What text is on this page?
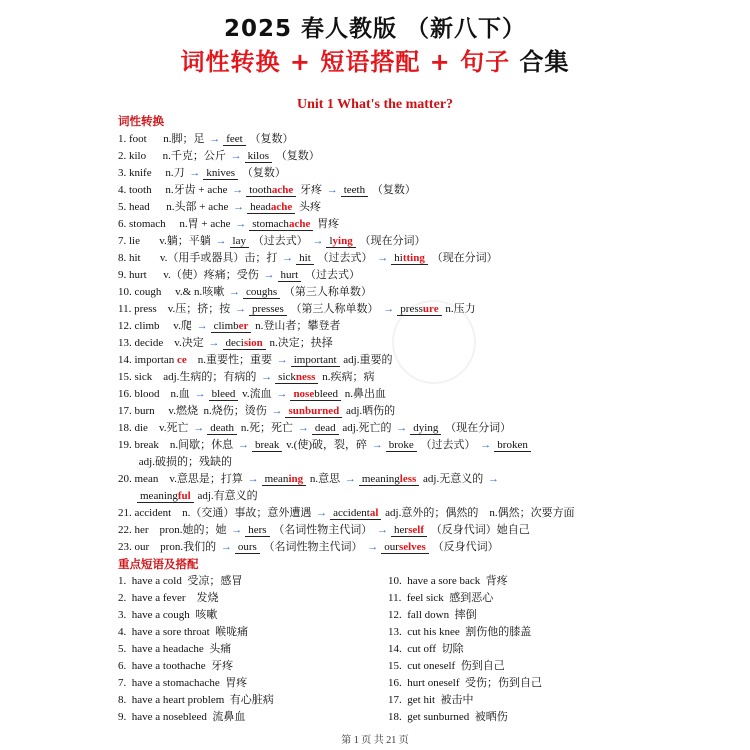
2025 春人教版 （新八下）
词性转换 + 短语搭配 + 句子 合集
Unit 1 What's the matter?
词性转换
1. foot      n.脚；足 → feet （复数）
2. kilo      n.千克；公斤 → kilos （复数）
3. knife     n.刀 → knives （复数）
4. tooth     n.牙齿 + ache → toothache 牙疼 → teeth （复数）
5. head      n.头部 + ache → headache 头疼
6. stomach     n.胃 + ache → stomachache 胃疼
7. lie       v.躺；平躺 → lay （过去式） → lying （现在分词）
8. hit       v.（用手或器具）击；打 → hit （过去式） → hitting （现在分词）
9. hurt      v.（使）疼痛；受伤 → hurt （过去式）
10. cough     v.& n.咳嗽 → coughs （第三人称单数）
11. press    v.压；挤；按 → presses （第三人称单数） → pressure n.压力
12. climb     v.爬 → climber n.登山者；攀登者
13. decide    v.决定 → decision n.决定；抉择
14. importan ce    n.重要性；重要 → important adj.重要的
15. sick    adj.生病的；有病的 → sickness n.疾病；病
16. blood    n.血 → bleed v.流血 → nosebleed n.鼻出血
17. burn     v.燃烧  n.烧伤；烫伤 → sunburned adj.晒伤的
18. die    v.死亡 → death n.死；死亡 → dead adj.死亡的 → dying （现在分词）
19. break    n.间歇；休息 → break v.(使)破，裂，碎 → broke （过去式） → broken
adj.破损的；残缺的
20. mean    v.意思是；打算 → meaning n.意思 → meaningless adj.无意义的 →
meaningful adj.有意义的
21. accident    n.（交通）事故；意外遭遇 → accidental adj.意外的；偶然的    n.偶然；次要方面
22. her    pron.她的；她 → hers （名词性物主代词） → herself （反身代词）她自己
23. our    pron.我们的 → ours （名词性物主代词） → ourselves （反身代词）
重点短语及搭配
1.  have a cold  受凉；感冒
2.  have a fever    发烧
3.  have a cough  咳嗽
4.  have a sore throat  喉咙痛
5.  have a headache  头痛
6.  have a toothache  牙疼
7.  have a stomachache  胃疼
8.  have a heart problem  有心脏病
9.  have a nosebleed  流鼻血
10.  have a sore back  背疼
11.  feel sick  感到恶心
12.  fall down  摔倒
13.  cut his knee  割伤他的膝盖
14.  cut off  切除
15.  cut oneself  伤到自己
16.  hurt oneself  受伤；伤到自己
17.  get hit  被击中
18.  get sunburned  被晒伤
第 1 页 共 21 页
